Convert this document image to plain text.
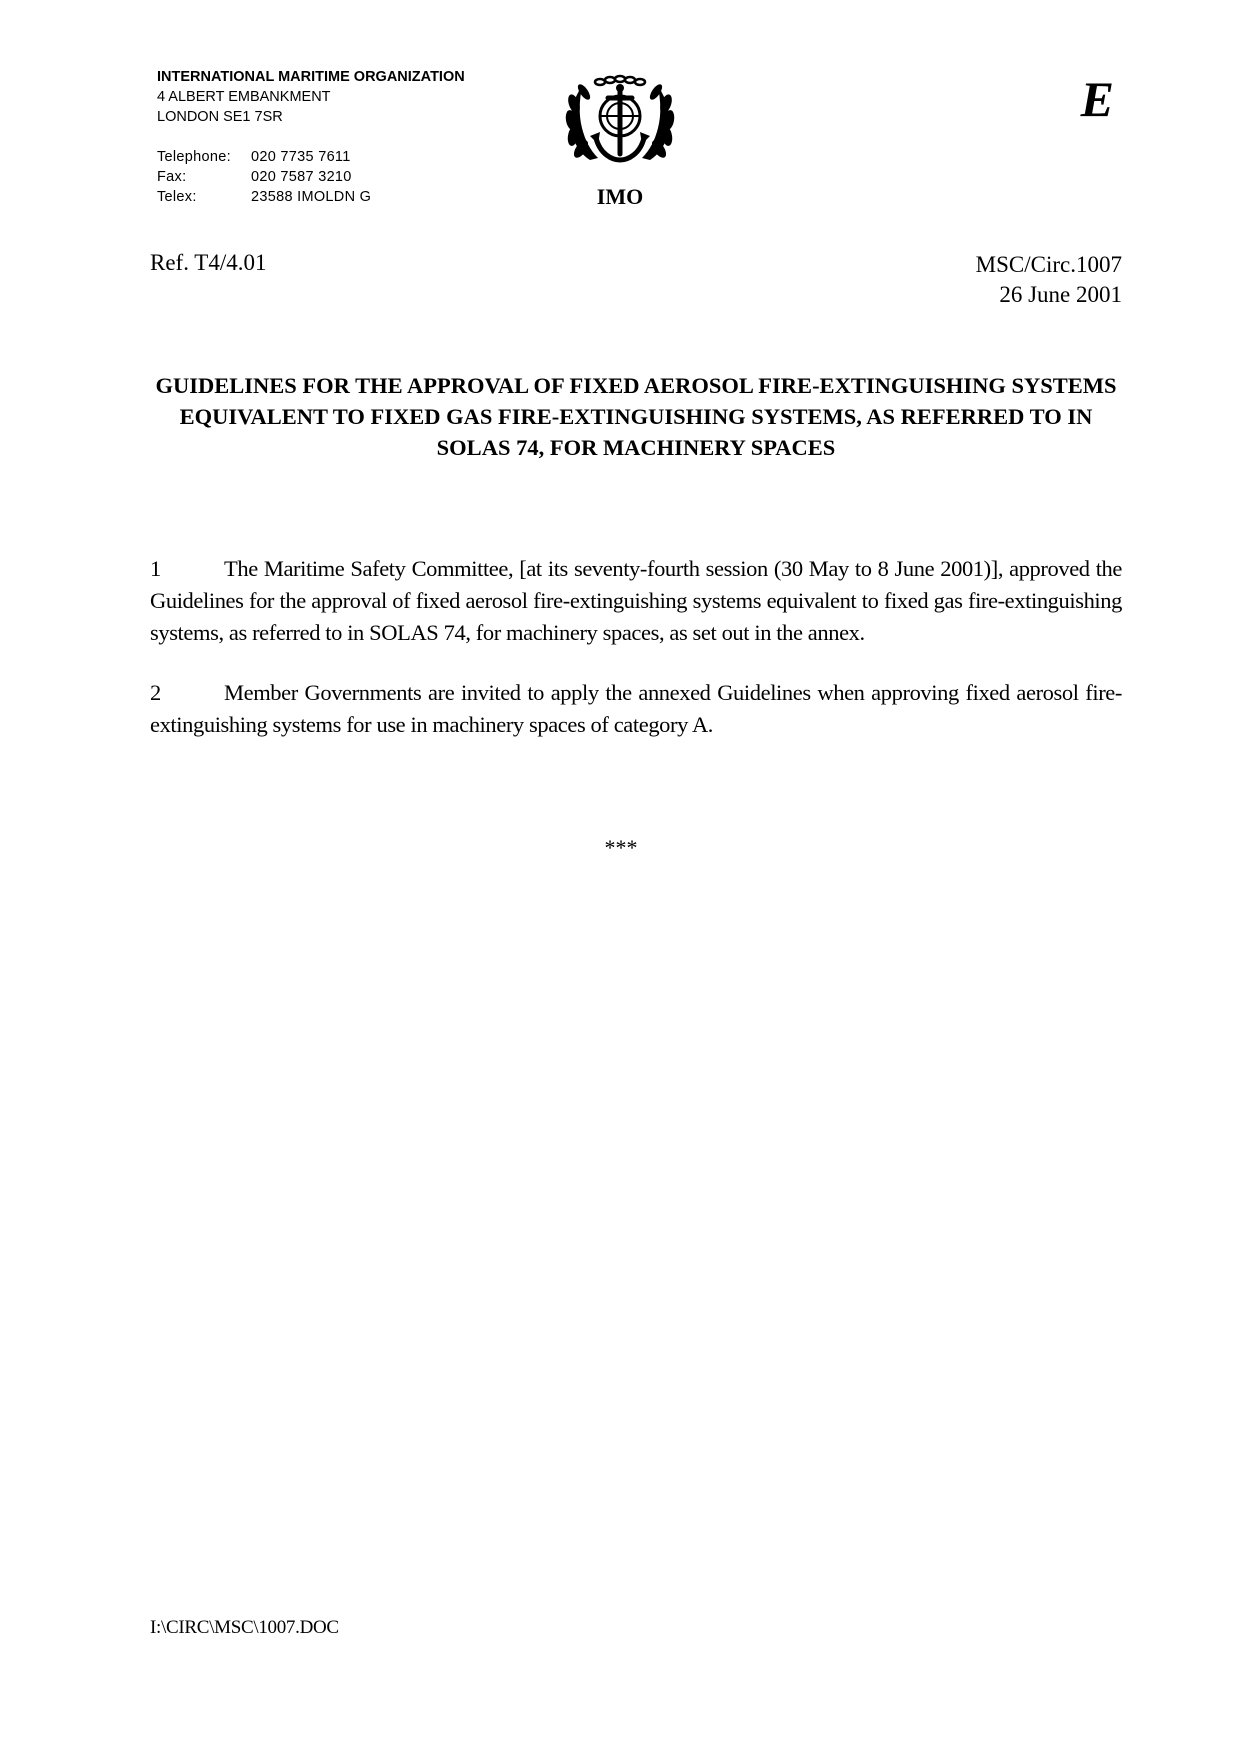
INTERNATIONAL MARITIME ORGANIZATION
4 ALBERT EMBANKMENT
LONDON SE1 7SR
Telephone:	020 7735 7611
Fax:	020 7587 3210
Telex:	23588 IMOLDN G	IMO
E
Ref. T4/4.01	MSC/Circ.1007
26 June 2001
GUIDELINES FOR THE APPROVAL OF FIXED AEROSOL FIRE-EXTINGUISHING SYSTEMS EQUIVALENT TO FIXED GAS FIRE-EXTINGUISHING SYSTEMS, AS REFERRED TO IN SOLAS 74, FOR MACHINERY SPACES
1	The Maritime Safety Committee, [at its seventy-fourth session (30 May to 8 June 2001)], approved the Guidelines for the approval of fixed aerosol fire-extinguishing systems equivalent to fixed gas fire-extinguishing systems, as referred to in SOLAS 74, for machinery spaces, as set out in the annex.
2	Member Governments are invited to apply the annexed Guidelines when approving fixed aerosol fire-extinguishing systems for use in machinery spaces of category A.
***
I:\CIRC\MSC\1007.DOC
